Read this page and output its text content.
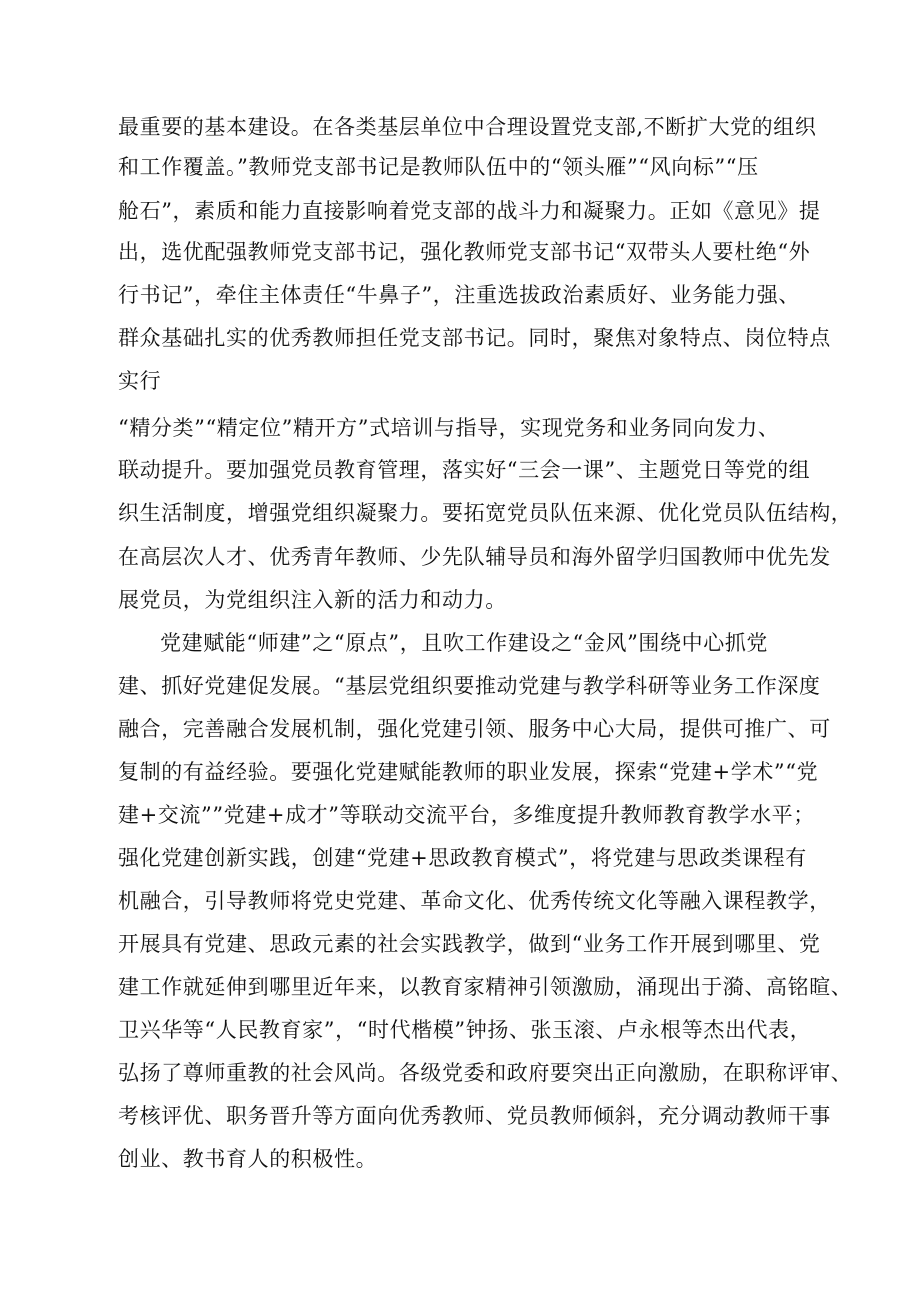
最重要的基本建设。在各类基层单位中合理设置党支部,不断扩大党的组织
和工作覆盖。”教师党支部书记是教师队伍中的“领头雁”“风向标”“压
舱石”，素质和能力直接影响着党支部的战斗力和凝聚力。正如《意见》提
出，选优配强教师党支部书记，强化教师党支部书记“双带头人要杜绝“外
行书记”，牵住主体责任“牛鼻子”，注重选拔政治素质好、业务能力强、
群众基础扎实的优秀教师担任党支部书记。同时，聚焦对象特点、岗位特点
实行
“精分类”“精定位”精开方”式培训与指导，实现党务和业务同向发力、
联动提升。要加强党员教育管理，落实好“三会一课”、主题党日等党的组
织生活制度，增强党组织凝聚力。要拓宽党员队伍来源、优化党员队伍结构，
在高层次人才、优秀青年教师、少先队辅导员和海外留学归国教师中优先发
展党员，为党组织注入新的活力和动力。
党建赋能“师建”之“原点”，且吹工作建设之“金风”围绕中心抓党
建、抓好党建促发展。“基层党组织要推动党建与教学科研等业务工作深度
融合，完善融合发展机制，强化党建引领、服务中心大局，提供可推广、可
复制的有益经验。要强化党建赋能教师的职业发展，探索“党建+学术”“党
建+交流””党建+成才”等联动交流平台，多维度提升教师教育教学水平；
强化党建创新实践，创建“党建+思政教育模式”，将党建与思政类课程有
机融合，引导教师将党史党建、革命文化、优秀传统文化等融入课程教学，
开展具有党建、思政元素的社会实践教学，做到“业务工作开展到哪里、党
建工作就延伸到哪里近年来，以教育家精神引领激励，涌现出于漪、高铭暄、
卫兴华等“人民教育家”，“时代楷模”钟扬、张玉滚、卢永根等杰出代表，
弘扬了尊师重教的社会风尚。各级党委和政府要突出正向激励，在职称评审、
考核评优、职务晋升等方面向优秀教师、党员教师倾斜，充分调动教师干事
创业、教书育人的积极性。
